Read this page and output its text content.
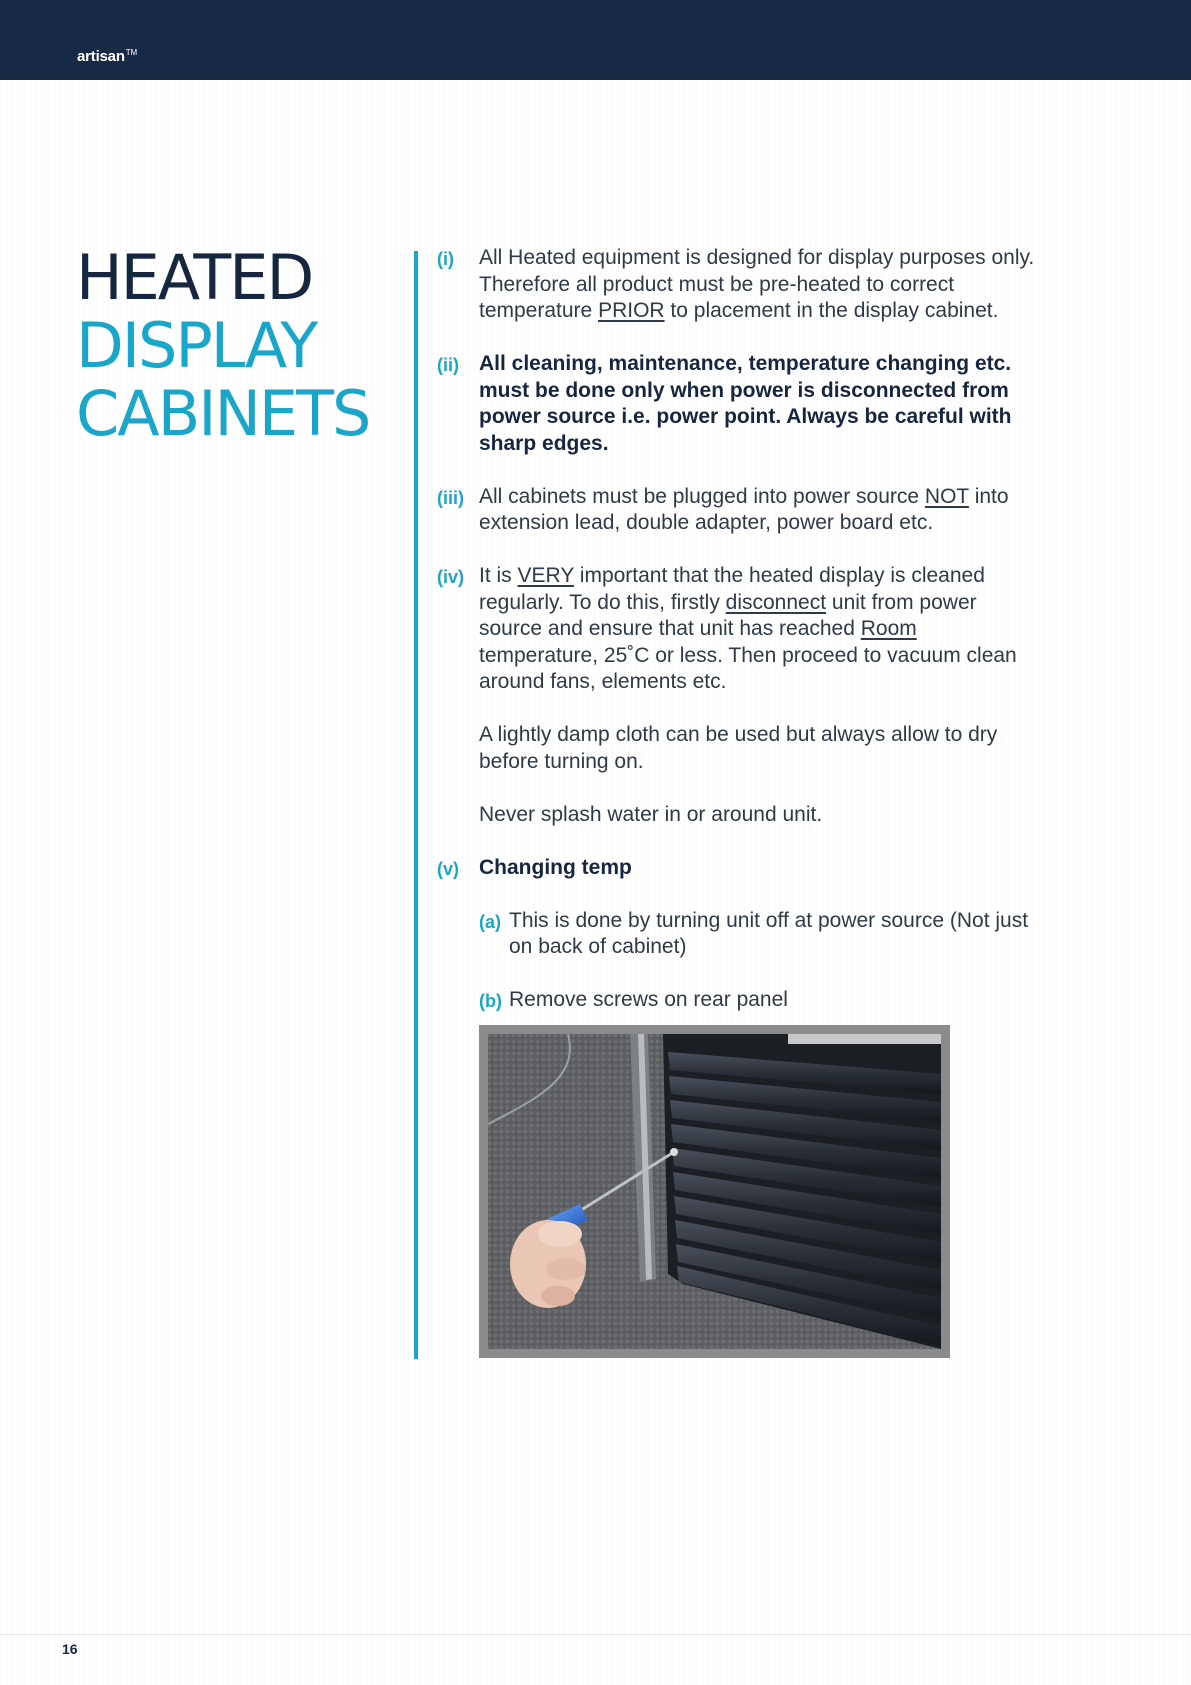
artisan™
HEATED
DISPLAY
CABINETS
(i) All Heated equipment is designed for display purposes only. Therefore all product must be pre-heated to correct temperature PRIOR to placement in the display cabinet.

(ii) All cleaning, maintenance, temperature changing etc. must be done only when power is disconnected from power source i.e. power point. Always be careful with sharp edges.

(iii) All cabinets must be plugged into power source NOT into extension lead, double adapter, power board etc.

(iv) It is VERY important that the heated display is cleaned regularly. To do this, firstly disconnect unit from power source and ensure that unit has reached Room temperature, 25˚C or less. Then proceed to vacuum clean around fans, elements etc.

A lightly damp cloth can be used but always allow to dry before turning on.

Never splash water in or around unit.

(v) Changing temp

(a) This is done by turning unit off at power source (Not just on back of cabinet)
(b) Remove screws on rear panel
16
